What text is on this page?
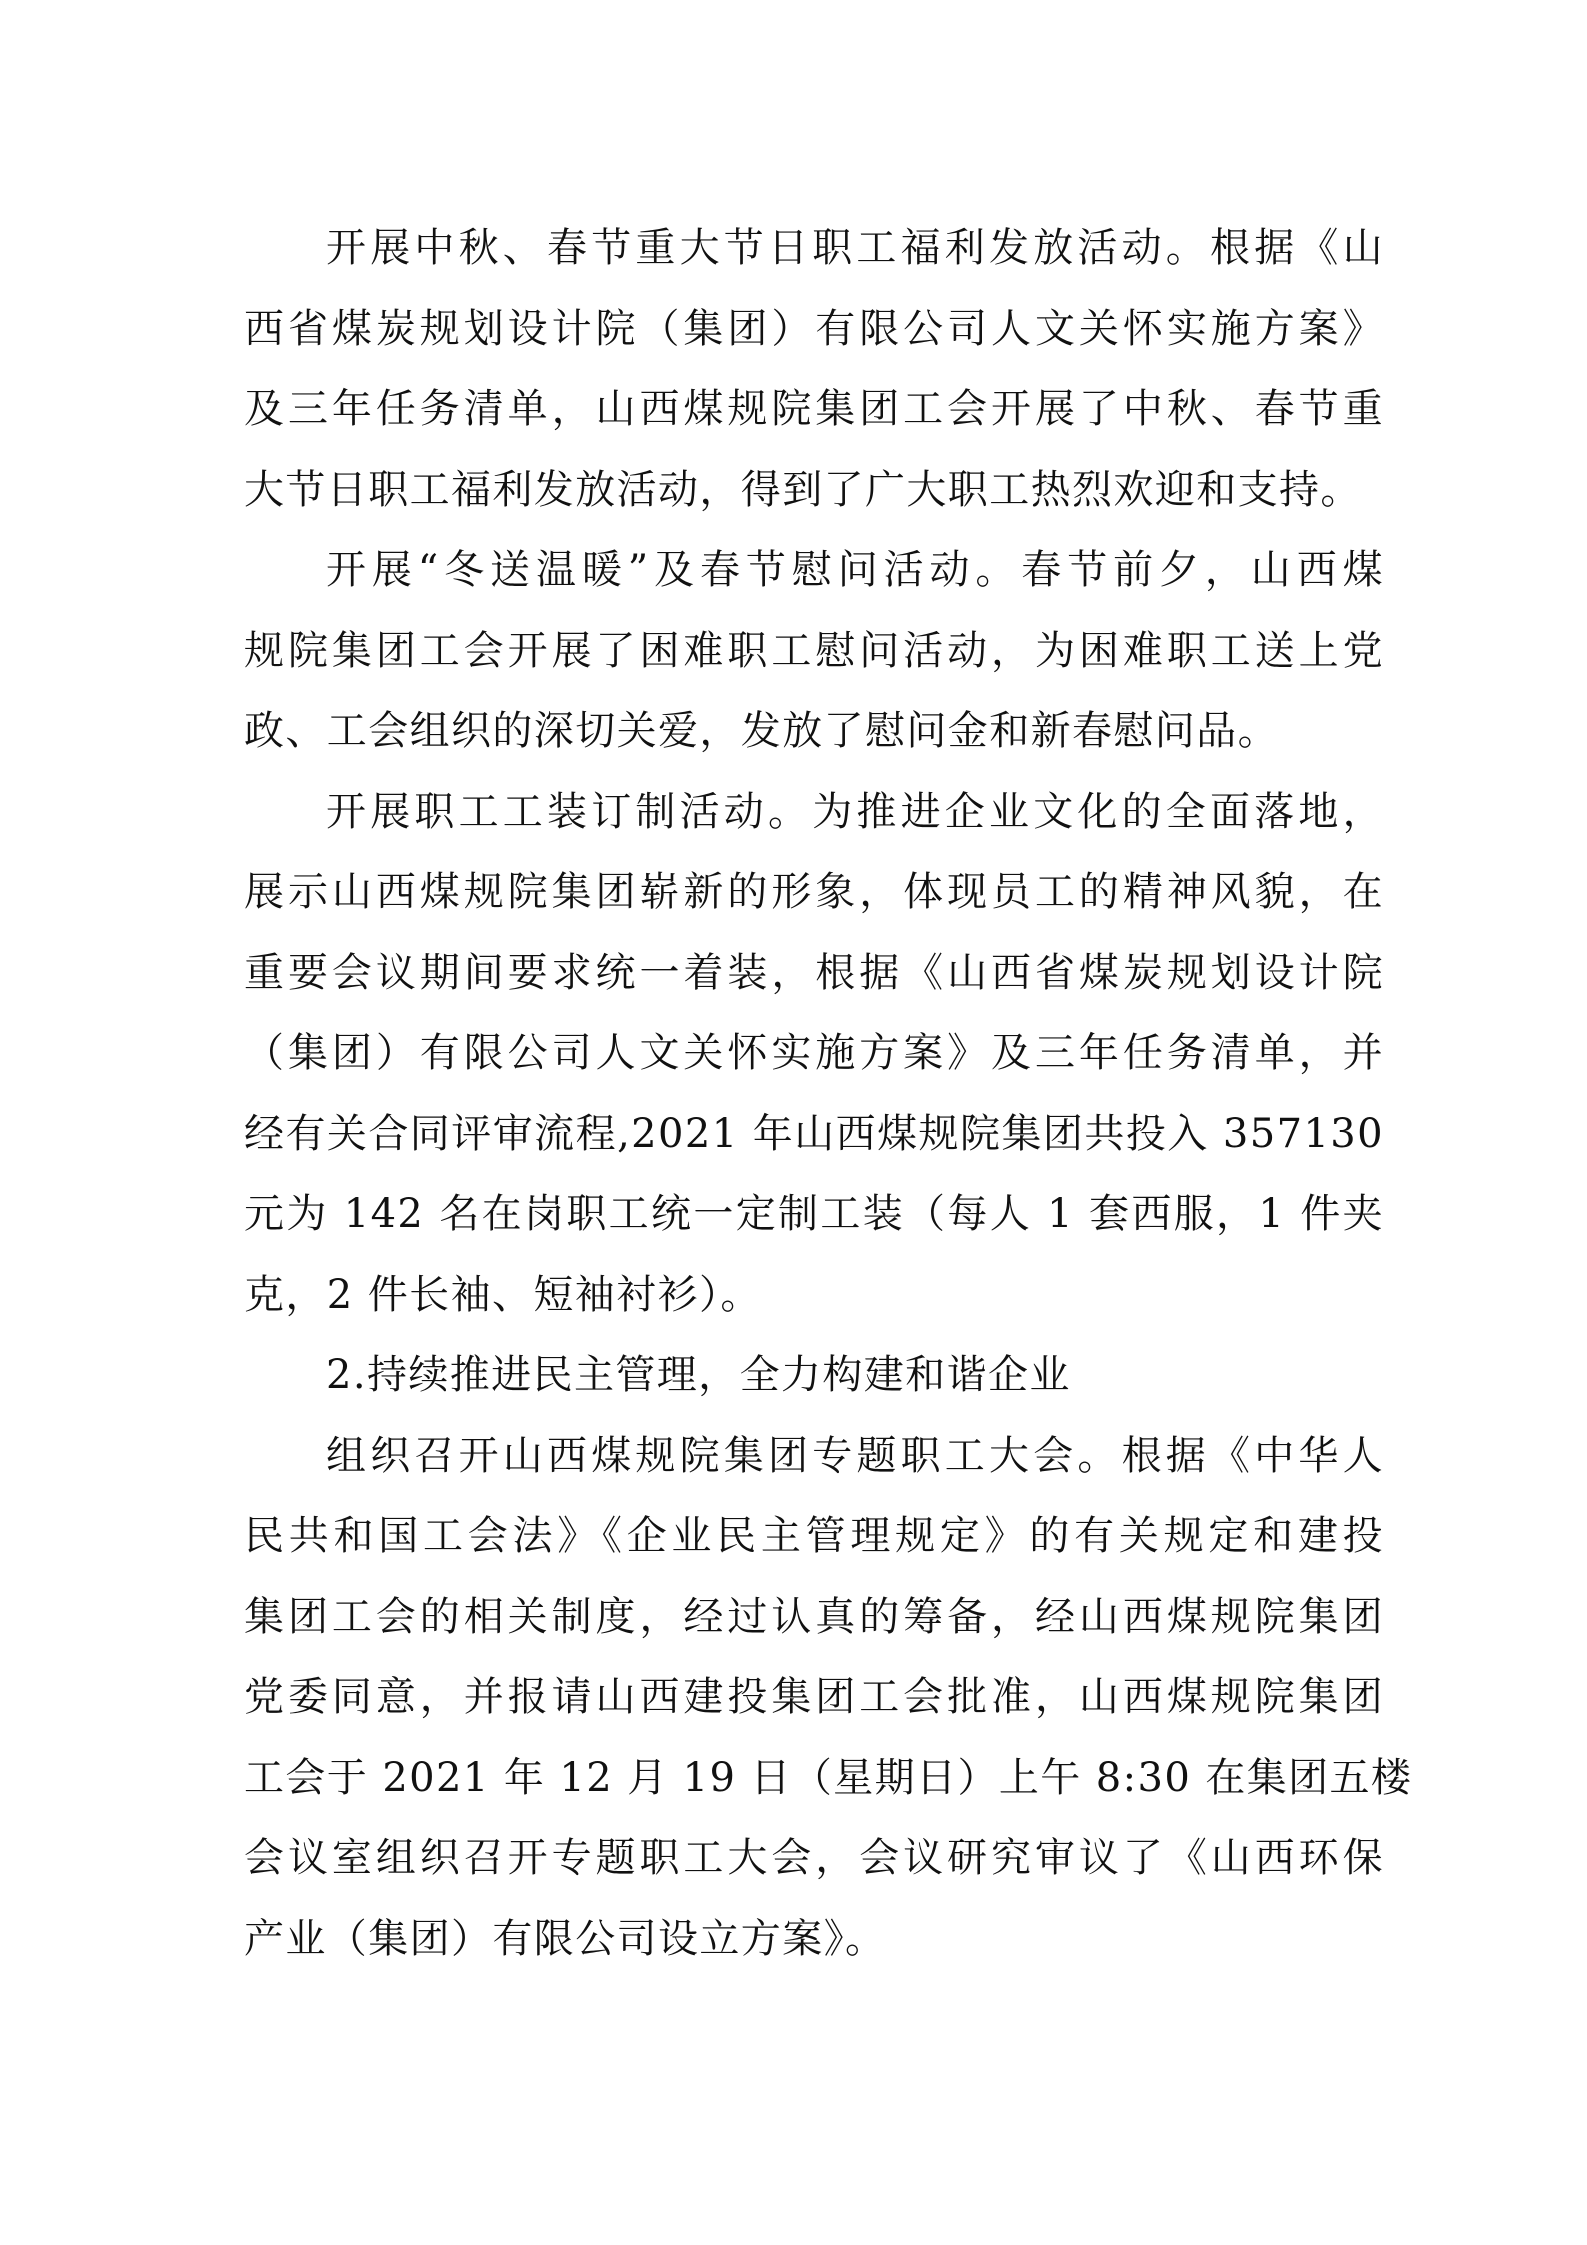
开展中秋、春节重大节日职工福利发放活动。根据《山
西省煤炭规划设计院（集团）有限公司人文关怀实施方案》
及三年任务清单，山西煤规院集团工会开展了中秋、春节重
大节日职工福利发放活动，得到了广大职工热烈欢迎和支持。

开展“冬送温暖”及春节慰问活动。春节前夕，山西煤
规院集团工会开展了困难职工慰问活动，为困难职工送上党
政、工会组织的深切关爱，发放了慰问金和新春慰问品。

开展职工工装订制活动。为推进企业文化的全面落地，
展示山西煤规院集团崭新的形象，体现员工的精神风貌，在
重要会议期间要求统一着装，根据《山西省煤炭规划设计院
（集团）有限公司人文关怀实施方案》及三年任务清单，并
经有关合同评审流程,2021 年山西煤规院集团共投入 357130
元为 142 名在岗职工统一定制工装（每人 1 套西服，1 件夹
克，2 件长袖、短袖衬衫）。

2.持续推进民主管理，全力构建和谐企业

组织召开山西煤规院集团专题职工大会。根据《中华人
民共和国工会法》《企业民主管理规定》的有关规定和建投
集团工会的相关制度，经过认真的筹备，经山西煤规院集团
党委同意，并报请山西建投集团工会批准，山西煤规院集团
工会于 2021 年 12 月 19 日（星期日）上午 8:30 在集团五楼
会议室组织召开专题职工大会，会议研究审议了《山西环保
产业（集团）有限公司设立方案》。
